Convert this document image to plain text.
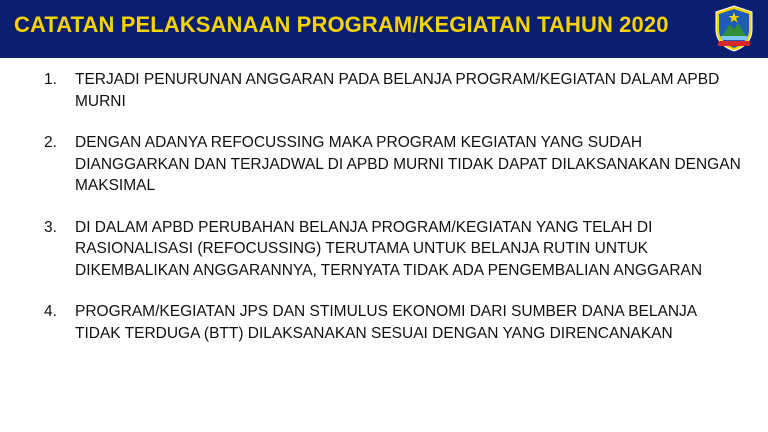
CATATAN PELAKSANAAN PROGRAM/KEGIATAN TAHUN 2020
1. TERJADI PENURUNAN ANGGARAN PADA BELANJA PROGRAM/KEGIATAN DALAM APBD MURNI
2. DENGAN ADANYA REFOCUSSING MAKA PROGRAM KEGIATAN YANG SUDAH DIANGGARKAN DAN TERJADWAL DI APBD MURNI TIDAK DAPAT DILAKSANAKAN DENGAN MAKSIMAL
3. DI DALAM APBD PERUBAHAN BELANJA PROGRAM/KEGIATAN YANG TELAH DI RASIONALISASI (REFOCUSSING) TERUTAMA UNTUK BELANJA RUTIN UNTUK DIKEMBALIKAN ANGGARANNYA, TERNYATA TIDAK ADA PENGEMBALIAN ANGGARAN
4. PROGRAM/KEGIATAN JPS DAN STIMULUS EKONOMI DARI SUMBER DANA BELANJA TIDAK TERDUGA (BTT) DILAKSANAKAN SESUAI DENGAN YANG DIRENCANAKAN
